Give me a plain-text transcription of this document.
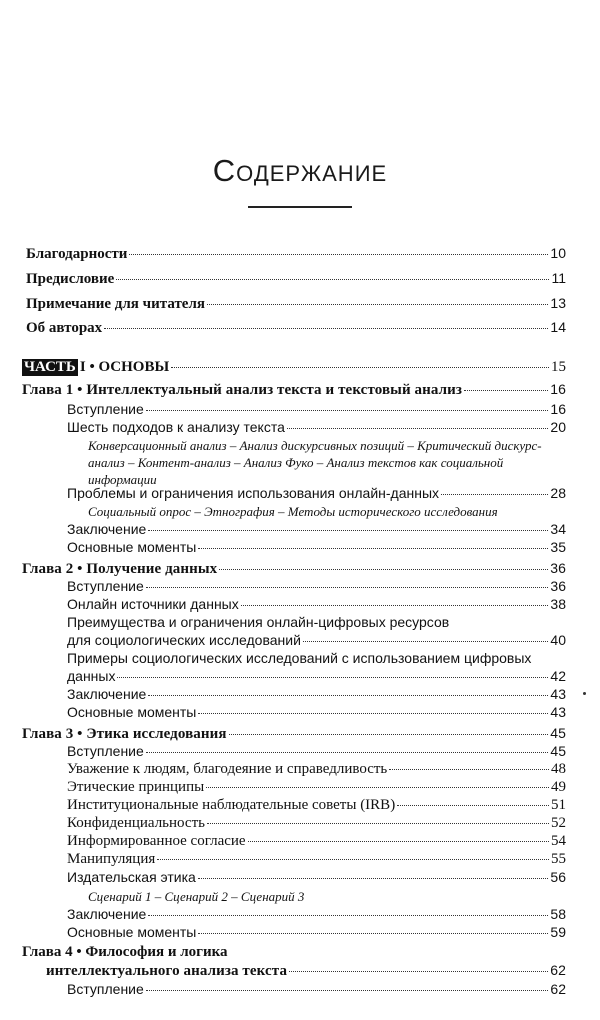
Содержание
Благодарности	10
Предисловие	11
Примечание для читателя	13
Об авторах	14
ЧАСТЬ I • ОСНОВЫ	15
Глава 1 • Интеллектуальный анализ текста и текстовый анализ	16
Вступление	16
Шесть подходов к анализу текста	20
Конверсационный анализ – Анализ дискурсивных позиций – Критический дискурс-анализ – Контент-анализ – Анализ Фуко – Анализ текстов как социальной информации
Проблемы и ограничения использования онлайн-данных	28
Социальный опрос – Этнография – Методы исторического исследования
Заключение	34
Основные моменты	35
Глава 2 • Получение данных	36
Вступление	36
Онлайн источники данных	38
Преимущества и ограничения онлайн-цифровых ресурсов
для социологических исследований	40
Примеры социологических исследований с использованием цифровых
данных	42
Заключение	43
Основные моменты	43
Глава 3 • Этика исследования	45
Вступление	45
Уважение к людям, благодеяние и справедливость	48
Этические принципы	49
Институциональные наблюдательные советы (IRB)	51
Конфиденциальность	52
Информированное согласие	54
Манипуляция	55
Издательская этика	56
Сценарий 1 – Сценарий 2 – Сценарий 3
Заключение	58
Основные моменты	59
Глава 4 • Философия и логика
интеллектуального анализа текста	62
Вступление	62
